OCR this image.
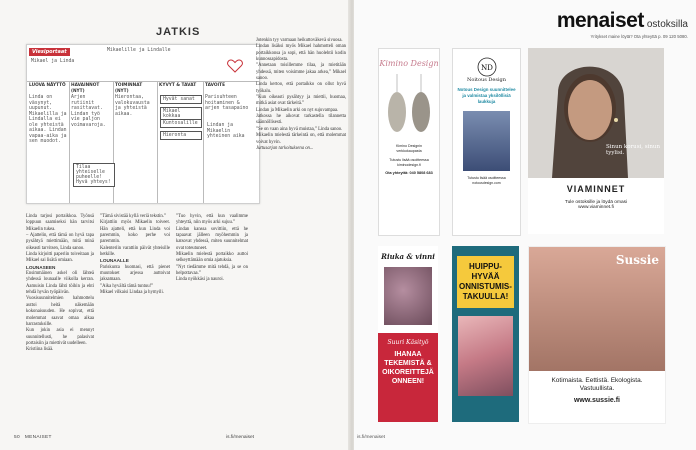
JATKIS
Viesiportaat	Mikaelille ja Lindalle
Mikael ja Linda
LUOVA NÄYTTÖ
Linda on väsynyt, uupunut. Mikaelilla ja Lindalla ei ole yhteistä aikaa. Lindan vapaa-aika ja sen muodot.
HAVAINNOT (NYT)
Arjen rutiinit rasittavat. Lindan työ vie paljon voimavaroja.
TOIMINNAT (NYT)
Hierontaa, valokuvausta ja yhteistä aikaa.
KYVYT & TAVAT
Hyvät sanat
Mikael kokkaa
Kuntosalille
Hieronta
TAVOITE
Parisuhteen hoitaminen & arjen tasapaino
Lindan ja Mikaelin yhteinen aika
Tilaa yhteiselle puheelle! Hyvä yhteys!

Linda tarjosi portaikkoa. Työnsä loppuun saamiseksi hän tarvitsi Mikaelin tukea.

– Ajattelin, että tämä on hyvä tapa pysähtyä miettimään, mitä minä oikeasti tarvitsen, Linda sanoo.

Linda kirjoitti paperiin toiveitaan ja Mikael sai lisätä omiaan.

LOUNASEEN

Ensimmäinen askel oli lähteä yhdessä lounaalle viikolla kerran. Aamuisin Linda lähti töihin ja ehti tehdä hyvän työpäivän.

Vuosisuunnitelmien hahmottelu auttoi heitä näkemään kokonaisuuden. He sopivat, että molemmat saavat omaa aikaa harrastuksille.

Kun jokin asia ei mennyt suunnitellusti, he palasivat portaisiin ja miettivät uudelleen.

Kristiina lisää.

”Tämä sivistää kyllä veriä tekstin.”

Kirjattiin myös Mikaelin toiveet. Hän ajatteli, että kun Linda voi paremmin, koko perhe voi paremmin.

Kalenteriin varattiin päivät yhteisille hetkille.

LOUNAALLE

Pariskunta huomasi, että pienet muutokset arjessa auttoivat jaksamaan.

”Aika hyvältä tämä tuntuu!”

Mikael vilkaisi Lindaa ja hymyili.

”Tuo hyvin, että kun vaalimme yhteyttä, niin myös arki sujuu.”

Lindan kanssa sovittiin, että he tapaavat jälleen myöhemmin ja katsovat yhdessä, miten suunnitelmat ovat toteutuneet.

Mikaelin mielestä portaikko auttoi selkeyttämään omia ajatuksia.

”Nyt tiedämme mitä tehdä, ja se on helpottavaa.”

Linda nyökkäsi ja nauroi.

50 MENAISET	is.fi/menaiset

Jotenkin tyy varmaan heikuttoväkevä sivuosa.

Lindan lisäksi myös Mikael hahmotteli oman portaikkonsa ja sopi, että hän huolehtii kodin kunnossapidosta.

”Annetaan toisillemme tilaa, ja mietitään yhdessä, miten voisimme jakaa arkea,” Mikael sanoo.

Linda kertoo, että portaikko on ollut hyvä työkalu.

”Kun oikeasti pysähtyy ja miettii, huomaa, mitkä asiat ovat tärkeitä.”

Lindan ja Mikaelin arki on nyt sujuvampaa.

Jatkossa he aikovat tarkastella tilannetta säännöllisesti.

”Se on vaan aina hyvä muistaa,” Linda sanoo.

Mikaelin mielestä tärkeintä on, että molemmat voivat hyvin.

Juttusarjan tarkoituksena on...

menaiset ostoksilla
Yritykset maine löytä? Ota yhteyttä p. 09 120 5080.
Kimino Design
Kimino Designin verkkokaupasta
Tutustu lisää osoitteessa kiminodesign.fi
Ota yhteyttä: 040 5808 683
ND
Noitous Design
Notous Design suunnittelee ja valmistaa yksilöllisiä laukkuja
Tutustu lisää osoitteessa notousdesign.com
Sinun korusi, sinun tyylisi.
VIAMINNET
Tule ostoksille ja löydä omasi
www.viaminnet.fi
Riuka & vinni
Suuri Käsityö
IHANAA TEKEMISTÄ & OIKOREITTEJÄ ONNEEN!
HUIPPU-HYVÄÄ ONNISTUMIS-TAKUULLA!
Sussie
Kotimaista. Eettistä. Ekologista. Vastuullista.
www.sussie.fi
is.fi/menaiset
